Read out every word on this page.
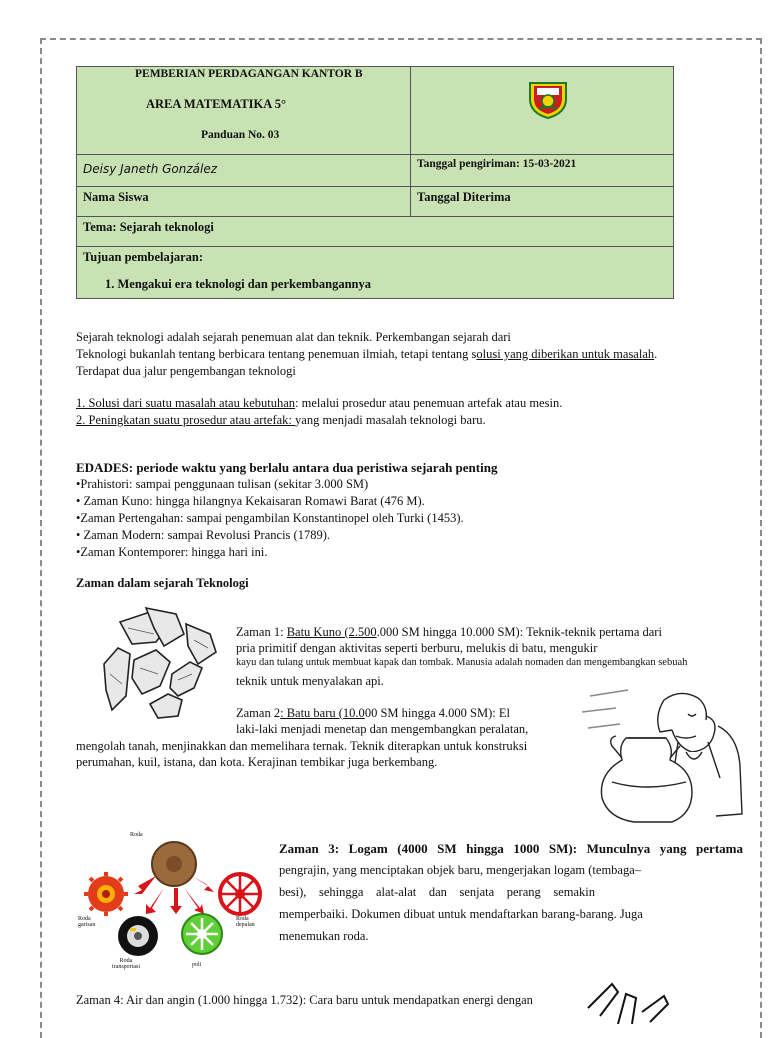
PEMBERIAN PERDAGANGAN KANTOR B
AREA MATEMATIKA 5°
Panduan No. 03

Deisy Janeth González	Tanggal pengiriman: 15-03-2021

Nama Siswa	Tanggal Diterima

Tema: Sejarah teknologi	

Tujuan pembelajaran:
1. Mengakui era teknologi dan perkembangannya	
Sejarah teknologi adalah sejarah penemuan alat dan teknik. Perkembangan sejarah dari
Teknologi bukanlah tentang berbicara tentang penemuan ilmiah, tetapi tentang solusi yang diberikan untuk masalah.
Terdapat dua jalur pengembangan teknologi
1. Solusi dari suatu masalah atau kebutuhan: melalui prosedur atau penemuan artefak atau mesin.
2. Peningkatan suatu prosedur atau artefak: yang menjadi masalah teknologi baru.
EDADES: periode waktu yang berlalu antara dua peristiwa sejarah penting
•Prahistori: sampai penggunaan tulisan (sekitar 3.000 SM)
• Zaman Kuno: hingga hilangnya Kekaisaran Romawi Barat (476 M).
•Zaman Pertengahan: sampai pengambilan Konstantinopel oleh Turki (1453).
• Zaman Modern: sampai Revolusi Prancis (1789).
•Zaman Kontemporer: hingga hari ini.
Zaman dalam sejarah Teknologi
Zaman 1: Batu Kuno (2.500.000 SM hingga 10.000 SM): Teknik-teknik pertama dari
pria primitif dengan aktivitas seperti berburu, melukis di batu, mengukir
kayu dan tulang untuk membuat kapak dan tombak. Manusia adalah nomaden dan mengembangkan sebuah
teknik untuk menyalakan api.
Zaman 2: Batu baru (10.000 SM hingga 4.000 SM): El
laki-laki menjadi menetap dan mengembangkan peralatan,
mengolah tanah, menjinakkan dan memelihara ternak. Teknik diterapkan untuk konstruksi
perumahan, kuil, istana, dan kota. Kerajinan tembikar juga berkembang.
Roda
Roda
garisan
Roda
depalan
Roda
transportasi	poli
Zaman 3: Logam (4000 SM hingga 1000 SM): Munculnya yang pertama
pengrajin, yang menciptakan objek baru, mengerjakan logam (tembaga–
besi), sehingga alat-alat dan senjata perang semakin
memperbaiki. Dokumen dibuat untuk mendaftarkan barang-barang. Juga
menemukan roda.
Zaman 4: Air dan angin (1.000 hingga 1.732): Cara baru untuk mendapatkan energi dengan
